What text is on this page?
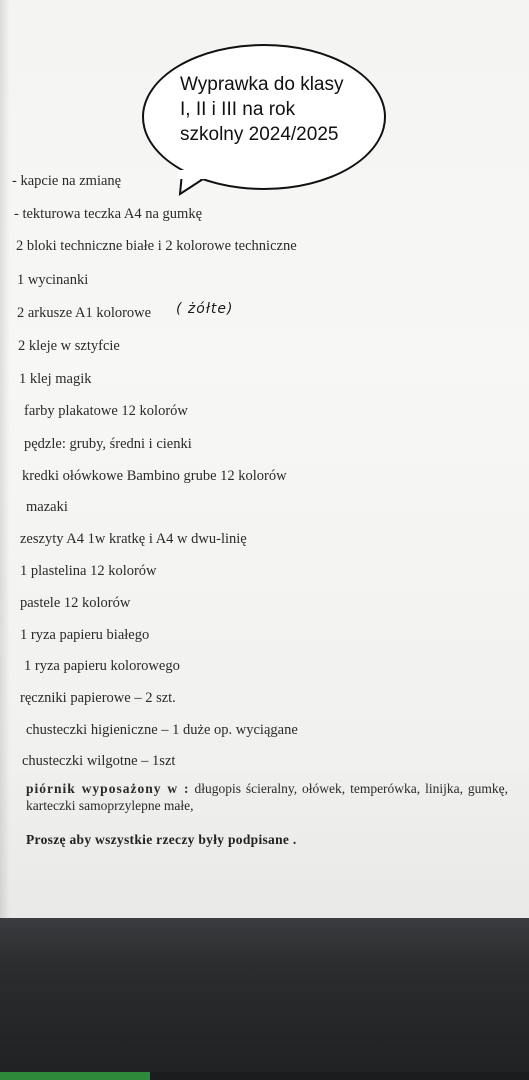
Wyprawka do klasy
I, II i III na rok
szkolny 2024/2025
- kapcie na zmianę
- tekturowa teczka A4 na gumkę
2 bloki techniczne białe i 2 kolorowe techniczne
1 wycinanki
2 arkusze A1 kolorowe ( żółte)
2 kleje w sztyfcie
1 klej magik
farby plakatowe 12 kolorów
pędzle: gruby, średni i cienki
kredki ołówkowe Bambino grube 12 kolorów
mazaki
zeszyty A4 1w kratkę i A4 w dwu-linię
1 plastelina 12 kolorów
pastele 12 kolorów
1 ryza papieru białego
1 ryza papieru kolorowego
ręczniki papierowe – 2 szt.
chusteczki higieniczne – 1 duże op. wyciągane
chusteczki wilgotne – 1szt
piórnik wyposażony w : długopis ścieralny, ołówek, temperówka, linijka, gumkę, karteczki samoprzylepne małe,
Proszę aby wszystkie rzeczy były podpisane .
